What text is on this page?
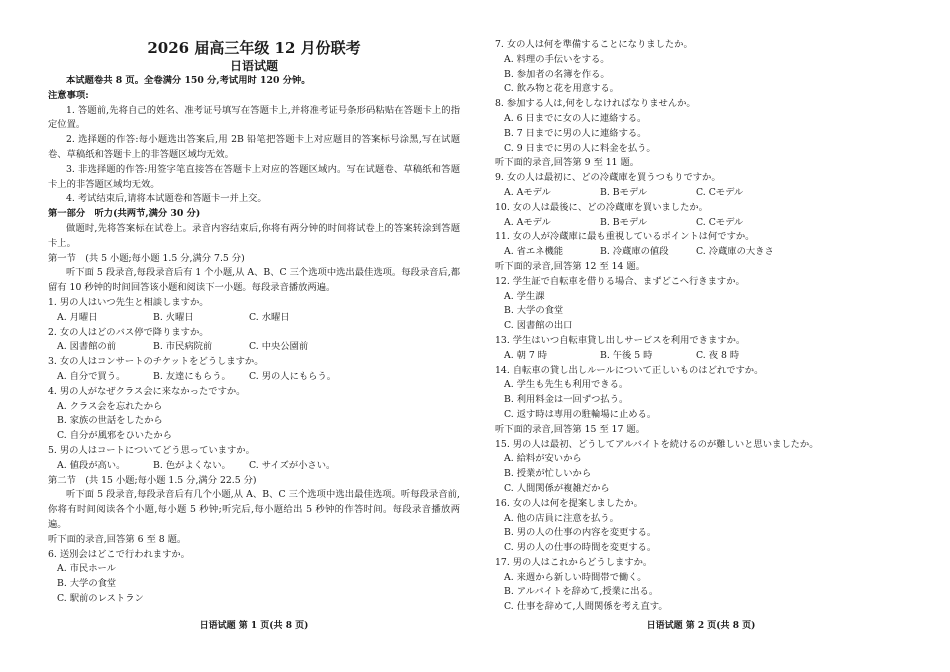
2026 届高三年级 12 月份联考
日语试题
本试题卷共 8 页。全卷满分 150 分,考试用时 120 分钟。
注意事项:
1. 答题前,先将自己的姓名、准考证号填写在答题卡上,并将准考证号条形码粘贴在答题卡上的指定位置。
2. 选择题的作答:每小题选出答案后,用 2B 铅笔把答题卡上对应题目的答案标号涂黑,写在试题卷、草稿纸和答题卡上的非答题区域均无效。
3. 非选择题的作答:用签字笔直接答在答题卡上对应的答题区域内。写在试题卷、草稿纸和答题卡上的非答题区域均无效。
4. 考试结束后,请将本试题卷和答题卡一并上交。
第一部分　听力(共两节,满分 30 分)
做题时,先将答案标在试卷上。录音内容结束后,你将有两分钟的时间将试卷上的答案转涂到答题卡上。
第一节　(共 5 小题;每小题 1.5 分,满分 7.5 分)
听下面 5 段录音,每段录音后有 1 个小题,从 A、B、C 三个选项中选出最佳选项。每段录音后,都留有 10 秒钟的时间回答该小题和阅读下一小题。每段录音播放两遍。
1. 男の人はいつ先生と相談しますか。
A. 月曜日	B. 火曜日	C. 水曜日
2. 女の人はどのバス停で降りますか。
A. 図書館の前	B. 市民病院前	C. 中央公園前
3. 女の人はコンサートのチケットをどうしますか。
A. 自分で買う。	B. 友達にもらう。	C. 男の人にもらう。
4. 男の人がなぜクラス会に来なかったですか。
A. クラス会を忘れたから
B. 家族の世話をしたから
C. 自分が風邪をひいたから
5. 男の人はコートについてどう思っていますか。
A. 値段が高い。	B. 色がよくない。	C. サイズが小さい。
第二节　(共 15 小题;每小题 1.5 分,满分 22.5 分)
听下面 5 段录音,每段录音后有几个小题,从 A、B、C 三个选项中选出最佳选项。听每段录音前,你将有时间阅读各个小题,每小题 5 秒钟;听完后,每小题给出 5 秒钟的作答时间。每段录音播放两遍。
听下面的录音,回答第 6 至 8 题。
6. 送別会はどこで行われますか。
A. 市民ホール
B. 大学の食堂
C. 駅前のレストラン
7. 女の人は何を準備することになりましたか。
A. 料理の手伝いをする。
B. 参加者の名簿を作る。
C. 飲み物と花を用意する。
8. 参加する人は,何をしなければなりませんか。
A. 6 日までに女の人に連絡する。
B. 7 日までに男の人に連絡する。
C. 9 日までに男の人に料金を払う。
听下面的录音,回答第 9 至 11 题。
9. 女の人は最初に、どの冷蔵庫を買うつもりですか。
A. Aモデル	B. Bモデル	C. Cモデル
10. 女の人は最後に、どの冷蔵庫を買いましたか。
A. Aモデル	B. Bモデル	C. Cモデル
11. 女の人が冷蔵庫に最も重視しているポイントは何ですか。
A. 省エネ機能	B. 冷蔵庫の値段	C. 冷蔵庫の大きさ
听下面的录音,回答第 12 至 14 题。
12. 学生証で自転車を借りる場合、まずどこへ行きますか。
A. 学生課
B. 大学の食堂
C. 図書館の出口
13. 学生はいつ自転車貸し出しサービスを利用できますか。
A. 朝 7 時	B. 午後 5 時	C. 夜 8 時
14. 自転車の貸し出しルールについて正しいものはどれですか。
A. 学生も先生も利用できる。
B. 利用料金は一回ずつ払う。
C. 返す時は専用の駐輪場に止める。
听下面的录音,回答第 15 至 17 题。
15. 男の人は最初、どうしてアルバイトを続けるのが難しいと思いましたか。
A. 給料が安いから
B. 授業が忙しいから
C. 人間関係が複雑だから
16. 女の人は何を提案しましたか。
A. 他の店員に注意を払う。
B. 男の人の仕事の内容を変更する。
C. 男の人の仕事の時間を変更する。
17. 男の人はこれからどうしますか。
A. 来週から新しい時間帯で働く。
B. アルバイトを辞めて,授業に出る。
C. 仕事を辞めて,人間関係を考え直す。
日语试题 第 1 页(共 8 页)	日语试题 第 2 页(共 8 页)
